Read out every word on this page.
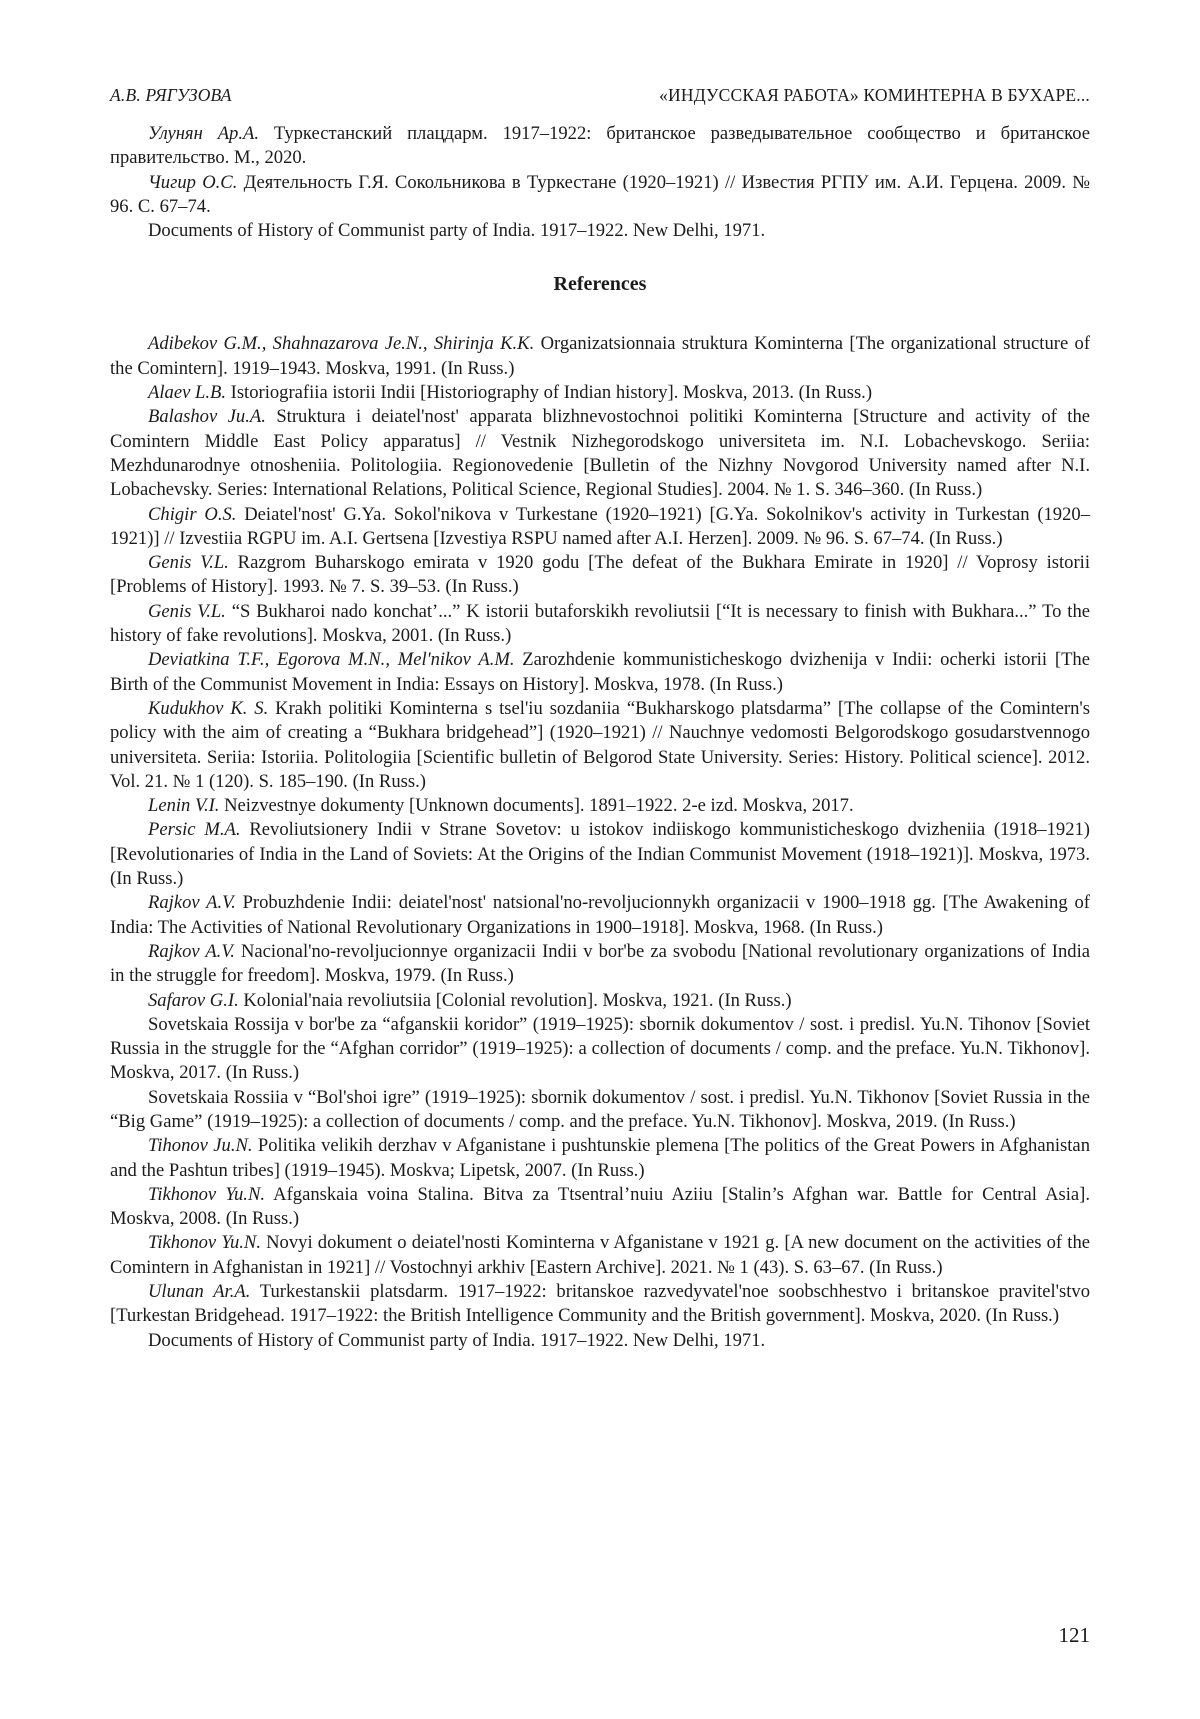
А.В. РЯГУЗОВА	«ИНДУССКАЯ РАБОТА» КОМИНТЕРНА В БУХАРЕ...

Улунян Ар.А. Туркестанский плацдарм. 1917–1922: британское разведывательное сообщество и британское правительство. М., 2020.

Чигир О.С. Деятельность Г.Я. Сокольникова в Туркестане (1920–1921) // Известия РГПУ им. А.И. Герцена. 2009. № 96. С. 67–74.

Documents of History of Communist party of India. 1917–1922. New Delhi, 1971.

References

Adibekov G.M., Shahnazarova Je.N., Shirinja K.K. Organizatsionnaia struktura Kominterna [The organizational structure of the Comintern]. 1919–1943. Moskva, 1991. (In Russ.)

Alaev L.B. Istoriografiia istorii Indii [Historiography of Indian history]. Moskva, 2013. (In Russ.)

Balashov Ju.A. Struktura i deiatel'nost' apparata blizhnevostochnoi politiki Kominterna [Structure and activity of the Comintern Middle East Policy apparatus] // Vestnik Nizhegorodskogo universiteta im. N.I. Lobachevskogo. Seriia: Mezhdunarodnye otnosheniia. Politologiia. Regionovedenie [Bulletin of the Nizhny Novgorod University named after N.I. Lobachevsky. Series: International Relations, Political Science, Regional Studies]. 2004. № 1. S. 346–360. (In Russ.)

Chigir O.S. Deiatel'nost' G.Ya. Sokol'nikova v Turkestane (1920–1921) [G.Ya. Sokolnikov's activity in Turkestan (1920–1921)] // Izvestiia RGPU im. A.I. Gertsena [Izvestiya RSPU named after A.I. Herzen]. 2009. № 96. S. 67–74. (In Russ.)

Genis V.L. Razgrom Buharskogo emirata v 1920 godu [The defeat of the Bukhara Emirate in 1920] // Voprosy istorii [Problems of History]. 1993. № 7. S. 39–53. (In Russ.)

Genis V.L. “S Bukharoi nado konchat’...” K istorii butaforskikh revoliutsii [“It is necessary to finish with Bukhara...” To the history of fake revolutions]. Moskva, 2001. (In Russ.)

Deviatkina T.F., Egorova M.N., Mel'nikov A.M. Zarozhdenie kommunisticheskogo dvizhenija v Indii: ocherki istorii [The Birth of the Communist Movement in India: Essays on History]. Moskva, 1978. (In Russ.)

Kudukhov K. S. Krakh politiki Kominterna s tsel'iu sozdaniia “Bukharskogo platsdarma” [The collapse of the Comintern's policy with the aim of creating a “Bukhara bridgehead”] (1920–1921) // Nauchnye vedomosti Belgorodskogo gosudarstvennogo universiteta. Seriia: Istoriia. Politologiia [Scientific bulletin of Belgorod State University. Series: History. Political science]. 2012. Vol. 21. № 1 (120). S. 185–190. (In Russ.)

Lenin V.I. Neizvestnye dokumenty [Unknown documents]. 1891–1922. 2-e izd. Moskva, 2017.

Persic M.A. Revoliutsionery Indii v Strane Sovetov: u istokov indiiskogo kommunisticheskogo dvizheniia (1918–1921) [Revolutionaries of India in the Land of Soviets: At the Origins of the Indian Communist Movement (1918–1921)]. Moskva, 1973. (In Russ.)

Rajkov A.V. Probuzhdenie Indii: deiatel'nost' natsional'no-revoljucionnykh organizacii v 1900–1918 gg. [The Awakening of India: The Activities of National Revolutionary Organizations in 1900–1918]. Moskva, 1968. (In Russ.)

Rajkov A.V. Nacional'no-revoljucionnye organizacii Indii v bor'be za svobodu [National revolutionary organizations of India in the struggle for freedom]. Moskva, 1979. (In Russ.)

Safarov G.I. Kolonial'naia revoliutsiia [Colonial revolution]. Moskva, 1921. (In Russ.)

Sovetskaia Rossija v bor'be za “afganskii koridor” (1919–1925): sbornik dokumentov / sost. i predisl. Yu.N. Tihonov [Soviet Russia in the struggle for the “Afghan corridor” (1919–1925): a collection of documents / comp. and the preface. Yu.N. Tikhonov]. Moskva, 2017. (In Russ.)

Sovetskaia Rossiia v “Bol'shoi igre” (1919–1925): sbornik dokumentov / sost. i predisl. Yu.N. Tikhonov [Soviet Russia in the “Big Game” (1919–1925): a collection of documents / comp. and the preface. Yu.N. Tikhonov]. Moskva, 2019. (In Russ.)

Tihonov Ju.N. Politika velikih derzhav v Afganistane i pushtunskie plemena [The politics of the Great Powers in Afghanistan and the Pashtun tribes] (1919–1945). Moskva; Lipetsk, 2007. (In Russ.)

Tikhonov Yu.N. Afganskaia voina Stalina. Bitva za Ttsentral’nuiu Aziiu [Stalin’s Afghan war. Battle for Central Asia]. Moskva, 2008. (In Russ.)

Tikhonov Yu.N. Novyi dokument o deiatel'nosti Kominterna v Afganistane v 1921 g. [A new document on the activities of the Comintern in Afghanistan in 1921] // Vostochnyi arkhiv [Eastern Archive]. 2021. № 1 (43). S. 63–67. (In Russ.)

Ulunan Ar.A. Turkestanskii platsdarm. 1917–1922: britanskoe razvedyvatel'noe soobschhestvo i britanskoe pravitel'stvo [Turkestan Bridgehead. 1917–1922: the British Intelligence Community and the British government]. Moskva, 2020. (In Russ.)

Documents of History of Communist party of India. 1917–1922. New Delhi, 1971.

121
